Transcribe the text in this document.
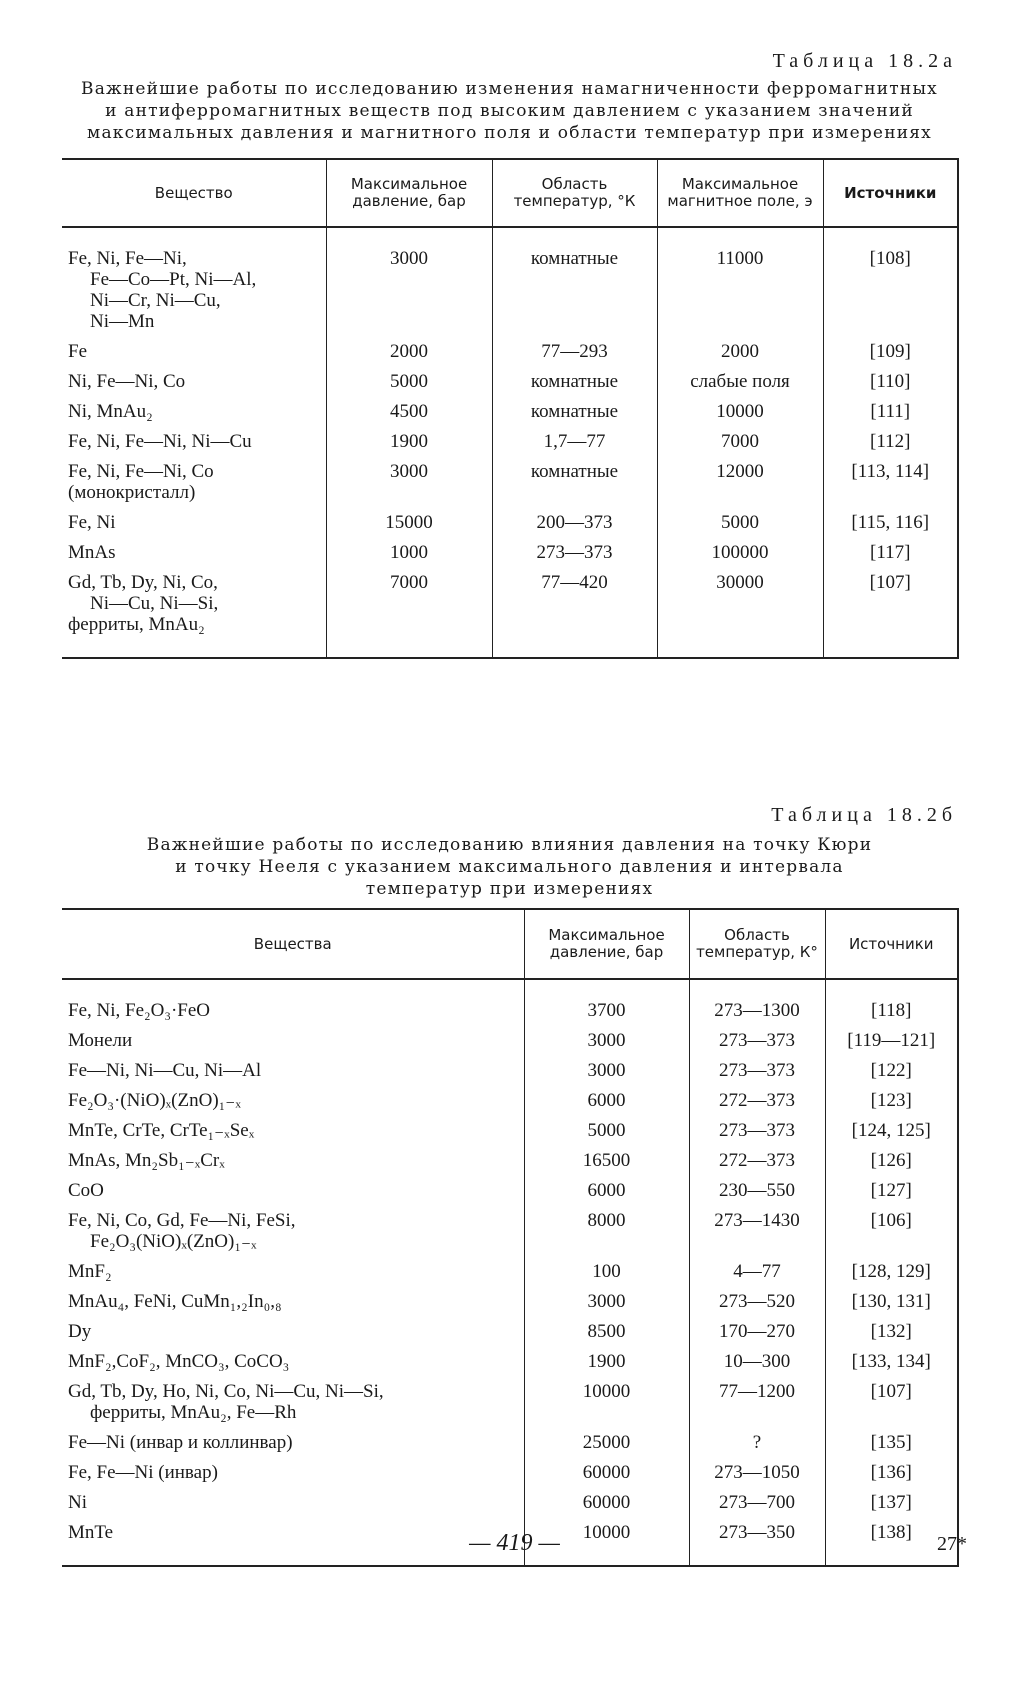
Таблица 18.2а
Важнейшие работы по исследованию изменения намагниченности ферромагнитных
и антиферромагнитных веществ под высоким давлением с указанием значений
максимальных давления и магнитного поля и области температур при измерениях
Вещество	Максимальное давление, бар	Область температур, °К	Максимальное магнитное поле, э	Источники

Fe, Ni, Fe—Ni,
Fe—Co—Pt, Ni—Al,
Ni—Cr, Ni—Cu,
Ni—Mn	3000	комнатные	11000	[108]

Fe	2000	77—293	2000	[109]

Ni, Fe—Ni, Co	5000	комнатные	слабые поля	[110]

Ni, MnAu₂	4500	комнатные	10000	[111]

Fe, Ni, Fe—Ni, Ni—Cu	1900	1,7—77	7000	[112]

Fe, Ni, Fe—Ni, Co
(монокристалл)	3000	комнатные	12000	[113, 114]

Fe, Ni	15000	200—373	5000	[115, 116]

MnAs	1000	273—373	100000	[117]

Gd, Tb, Dy, Ni, Co,
Ni—Cu, Ni—Si,
ферриты, MnAu₂	7000	77—420	30000	[107]
Таблица 18.2б
Важнейшие работы по исследованию влияния давления на точку Кюри
и точку Нееля с указанием максимального давления и интервала
температур при измерениях
Вещества	Максимальное давление, бар	Область температур, К°	Источники

Fe, Ni, Fe₂O₃·FeO	3700	273—1300	[118]

Монели	3000	273—373	[119—121]

Fe—Ni, Ni—Cu, Ni—Al	3000	273—373	[122]

Fe₂O₃·(NiO)ₓ(ZnO)₁₋ₓ	6000	272—373	[123]

MnTe, CrTe, CrTe₁₋ₓSeₓ	5000	273—373	[124, 125]

MnAs, Mn₂Sb₁₋ₓCrₓ	16500	272—373	[126]

CoO	6000	230—550	[127]

Fe, Ni, Co, Gd, Fe—Ni, FeSi,
Fe₂O₃(NiO)ₓ(ZnO)₁₋ₓ	8000	273—1430	[106]

MnF₂	100	4—77	[128, 129]

MnAu₄, FeNi, CuMn₁,₂In₀,₈	3000	273—520	[130, 131]

Dy	8500	170—270	[132]

MnF₂,CoF₂, MnCO₃, CoCO₃	1900	10—300	[133, 134]

Gd, Tb, Dy, Ho, Ni, Co, Ni—Cu, Ni—Si,
ферриты, MnAu₂, Fe—Rh	10000	77—1200	[107]

Fe—Ni (инвар и коллинвар)	25000	?	[135]

Fe, Fe—Ni (инвар)	60000	273—1050	[136]

Ni	60000	273—700	[137]

MnTe	10000	273—350	[138]
— 419 —	27*
